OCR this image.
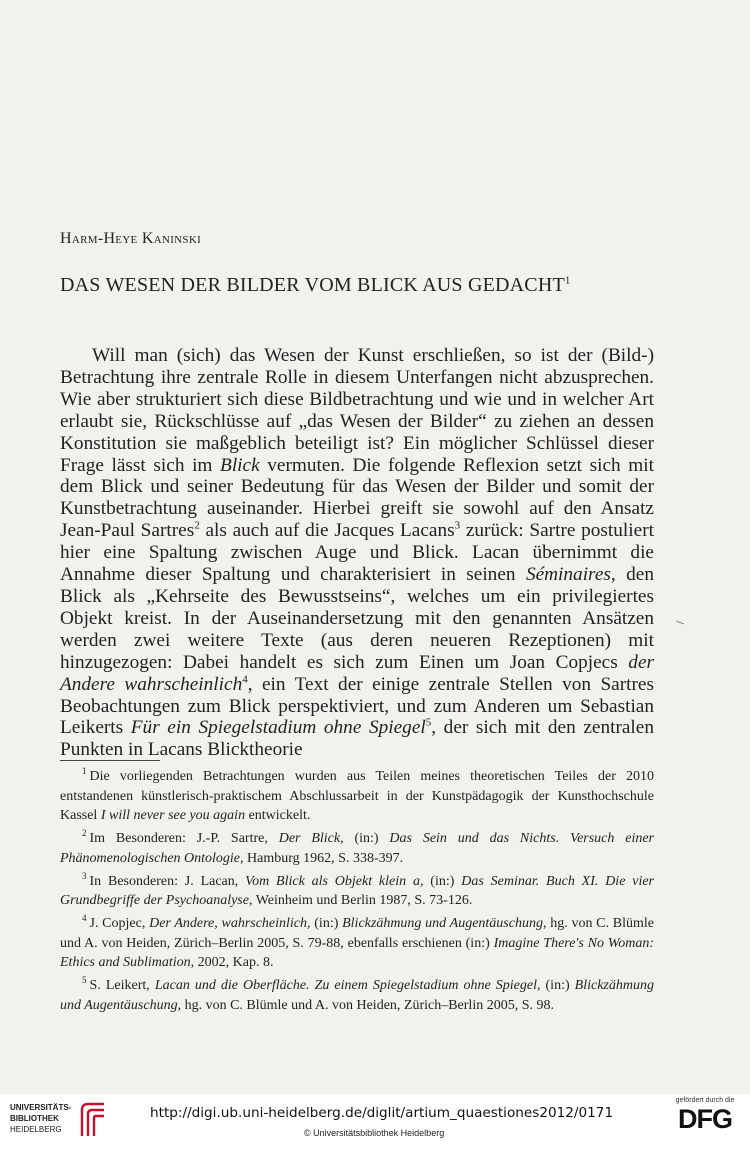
Harm-Heye Kaninski
DAS WESEN DER BILDER VOM BLICK AUS GEDACHT$^1$
Will man (sich) das Wesen der Kunst erschließen, so ist der (Bild-) Betrachtung ihre zentrale Rolle in diesem Unterfangen nicht abzusprechen. Wie aber strukturiert sich diese Bildbetrachtung und wie und in welcher Art erlaubt sie, Rückschlüsse auf „das Wesen der Bilder“ zu ziehen an dessen Konstitution sie maßgeblich beteiligt ist? Ein möglicher Schlüssel dieser Frage lässt sich im Blick vermuten. Die folgende Reflexion setzt sich mit dem Blick und seiner Bedeutung für das Wesen der Bilder und somit der Kunstbetrachtung auseinander. Hierbei greift sie sowohl auf den Ansatz Jean-Paul Sartres$^2$ als auch auf die Jacques Lacans$^3$ zurück: Sartre postuliert hier eine Spaltung zwischen Auge und Blick. Lacan übernimmt die Annahme dieser Spaltung und charakterisiert in seinen Séminaires, den Blick als „Kehrseite des Bewusstseins“, welches um ein privilegiertes Objekt kreist. In der Auseinandersetzung mit den genannten Ansätzen werden zwei weitere Texte (aus deren neueren Rezeptionen) mit hinzugezogen: Dabei handelt es sich zum Einen um Joan Copjecs der Andere wahrscheinlich$^4$, ein Text der einige zentrale Stellen von Sartres Beobachtungen zum Blick perspektiviert, und zum Anderen um Sebastian Leikerts Für ein Spiegelstadium ohne Spiegel$^5$, der sich mit den zentralen Punkten in Lacans Blicktheorie

$^1$ Die vorliegenden Betrachtungen wurden aus Teilen meines theoretischen Teiles der 2010 entstandenen künstlerisch-praktischem Abschlussarbeit in der Kunstpädagogik der Kunsthochschule Kassel I will never see you again entwickelt.

$^2$ Im Besonderen: J.-P. Sartre, Der Blick, (in:) Das Sein und das Nichts. Versuch einer Phänomenologischen Ontologie, Hamburg 1962, S. 338-397.

$^3$ In Besonderen: J. Lacan, Vom Blick als Objekt klein a, (in:) Das Seminar. Buch XI. Die vier Grundbegriffe der Psychoanalyse, Weinheim und Berlin 1987, S. 73-126.

$^4$ J. Copjec, Der Andere, wahrscheinlich, (in:) Blickzähmung und Augentäuschung, hg. von C. Blümle und A. von Heiden, Zürich–Berlin 2005, S. 79-88, ebenfalls erschienen (in:) Imagine There's No Woman: Ethics and Sublimation, 2002, Kap. 8.

$^5$ S. Leikert, Lacan und die Oberfläche. Zu einem Spiegelstadium ohne Spiegel, (in:) Blickzähmung und Augentäuschung, hg. von C. Blümle und A. von Heiden, Zürich–Berlin 2005, S. 98.

UNIVERSITÄTS-
BIBLIOTHEK
HEIDELBERG
http://digi.ub.uni-heidelberg.de/diglit/artium_quaestiones2012/0171
© Universitätsbibliothek Heidelberg
gefördert durch die
DFG
